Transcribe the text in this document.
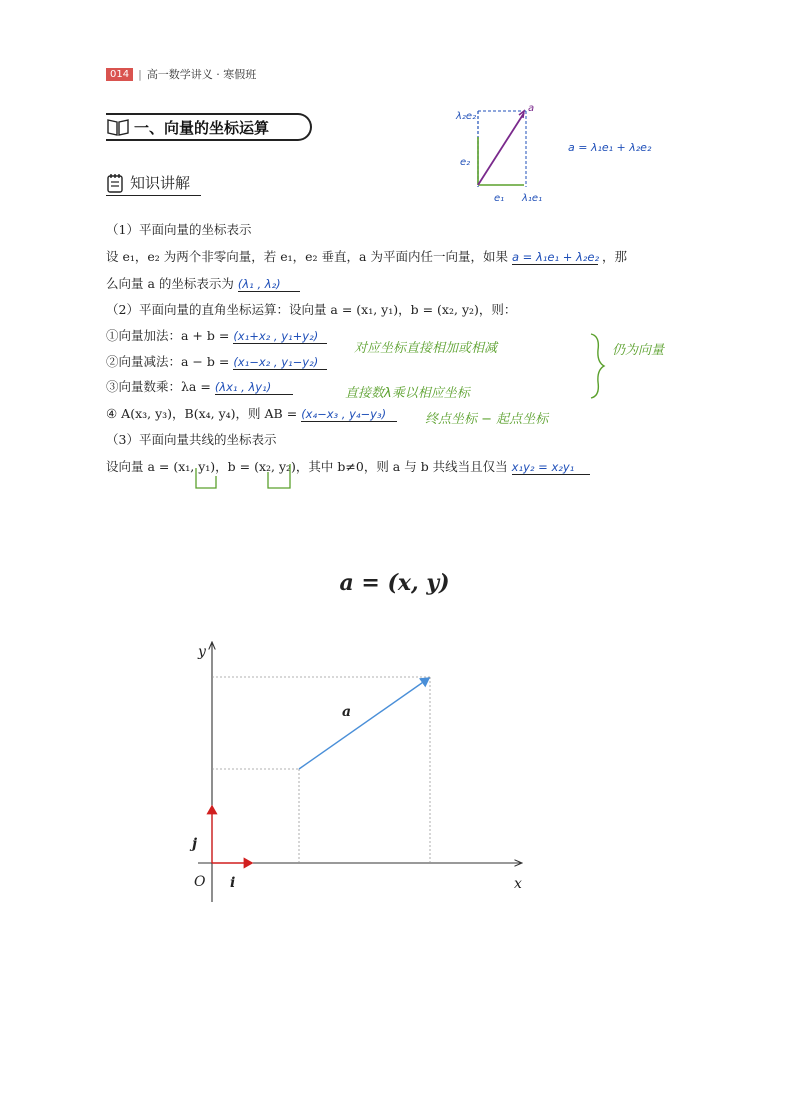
014 | 高一数学讲义 · 寒假班
一、向量的坐标运算
知识讲解
λ₂e₂
a
e₂
e₁ λ₁e₁
a = λ₁e₁ + λ₂e₂
（1）平面向量的坐标表示
设 e₁，e₂ 为两个非零向量，若 e₁，e₂ 垂直，a 为平面内任一向量，如果 a = λ₁e₁ + λ₂e₂ ，那
么向量 a 的坐标表示为 (λ₁ , λ₂)
（2）平面向量的直角坐标运算：设向量 a = (x₁, y₁)，b = (x₂, y₂)，则：
①向量加法：a + b = (x₁+x₂ , y₁+y₂)
②向量减法：a − b = (x₁−x₂ , y₁−y₂)
③向量数乘：λa = (λx₁ , λy₁)
④ A(x₃, y₃)，B(x₄, y₄)，则 AB = (x₄−x₃ , y₄−y₃)
对应坐标直接相加或相减
直接数λ乘以相应坐标
终点坐标 − 起点坐标
仍为向量
（3）平面向量共线的坐标表示
设向量 a = (x₁, y₁)，b = (x₂, y₂)，其中 b≠0，则 a 与 b 共线当且仅当 x₁y₂ = x₂y₁
a = (x, y)
y
x
O
a
i
j
